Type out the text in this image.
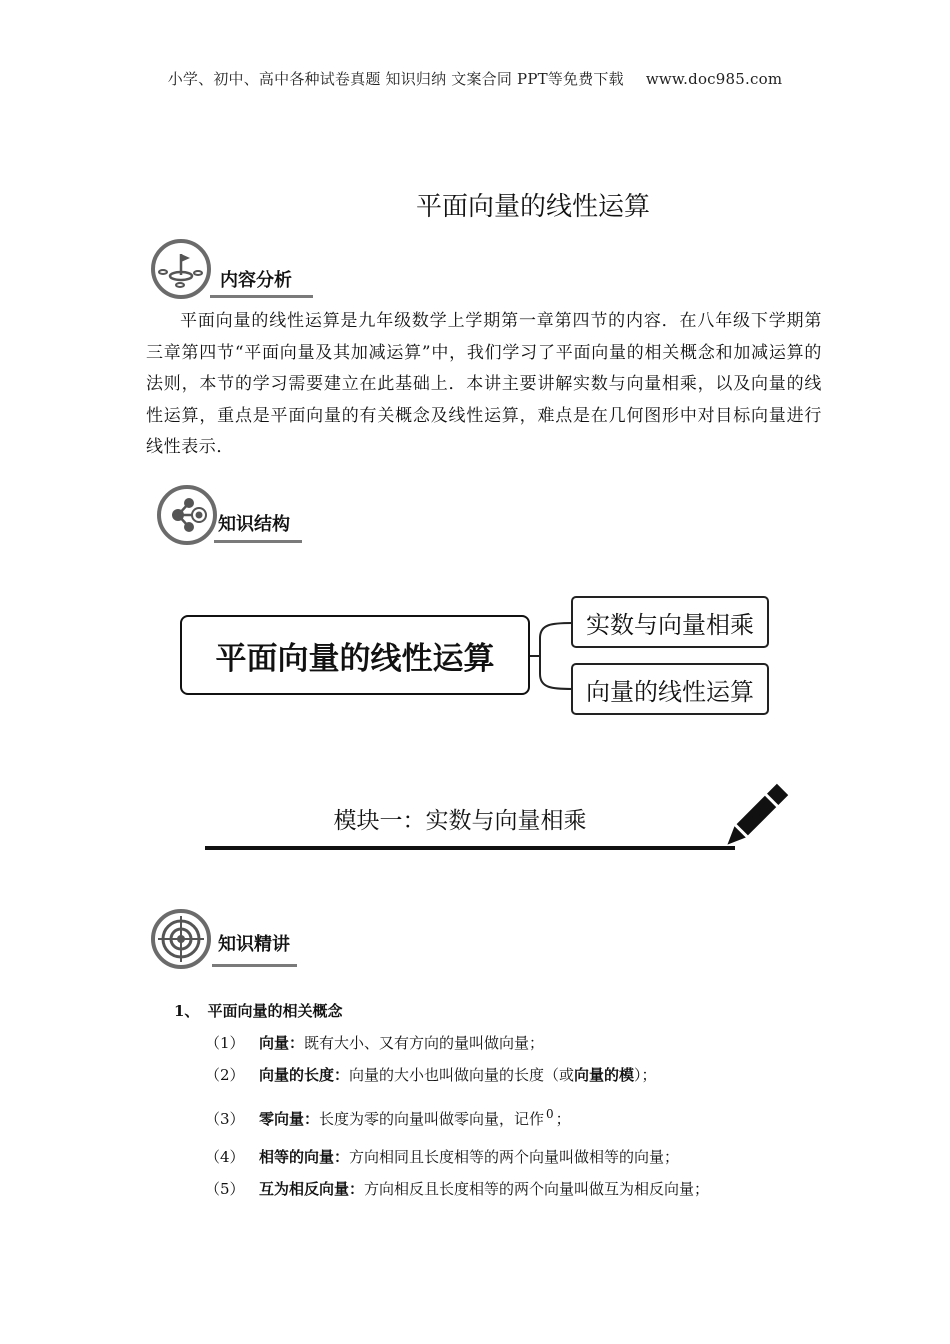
小学、初中、高中各种试卷真题 知识归纳 文案合同 PPT等免费下载 www.doc985.com
平面向量的线性运算
内容分析
平面向量的线性运算是九年级数学上学期第一章第四节的内容．在八年级下学期第三章第四节“平面向量及其加减运算”中，我们学习了平面向量的相关概念和加减运算的法则，本节的学习需要建立在此基础上．本讲主要讲解实数与向量相乘，以及向量的线性运算，重点是平面向量的有关概念及线性运算，难点是在几何图形中对目标向量进行线性表示．
知识结构
平面向量的线性运算
实数与向量相乘
向量的线性运算
模块一：实数与向量相乘
知识精讲
1、 平面向量的相关概念
（1） 向量：既有大小、又有方向的量叫做向量；
（2） 向量的长度：向量的大小也叫做向量的长度（或向量的模）；
（3） 零向量：长度为零的向量叫做零向量，记作 $^0$ ；
（4） 相等的向量：方向相同且长度相等的两个向量叫做相等的向量；
（5） 互为相反向量：方向相反且长度相等的两个向量叫做互为相反向量；
